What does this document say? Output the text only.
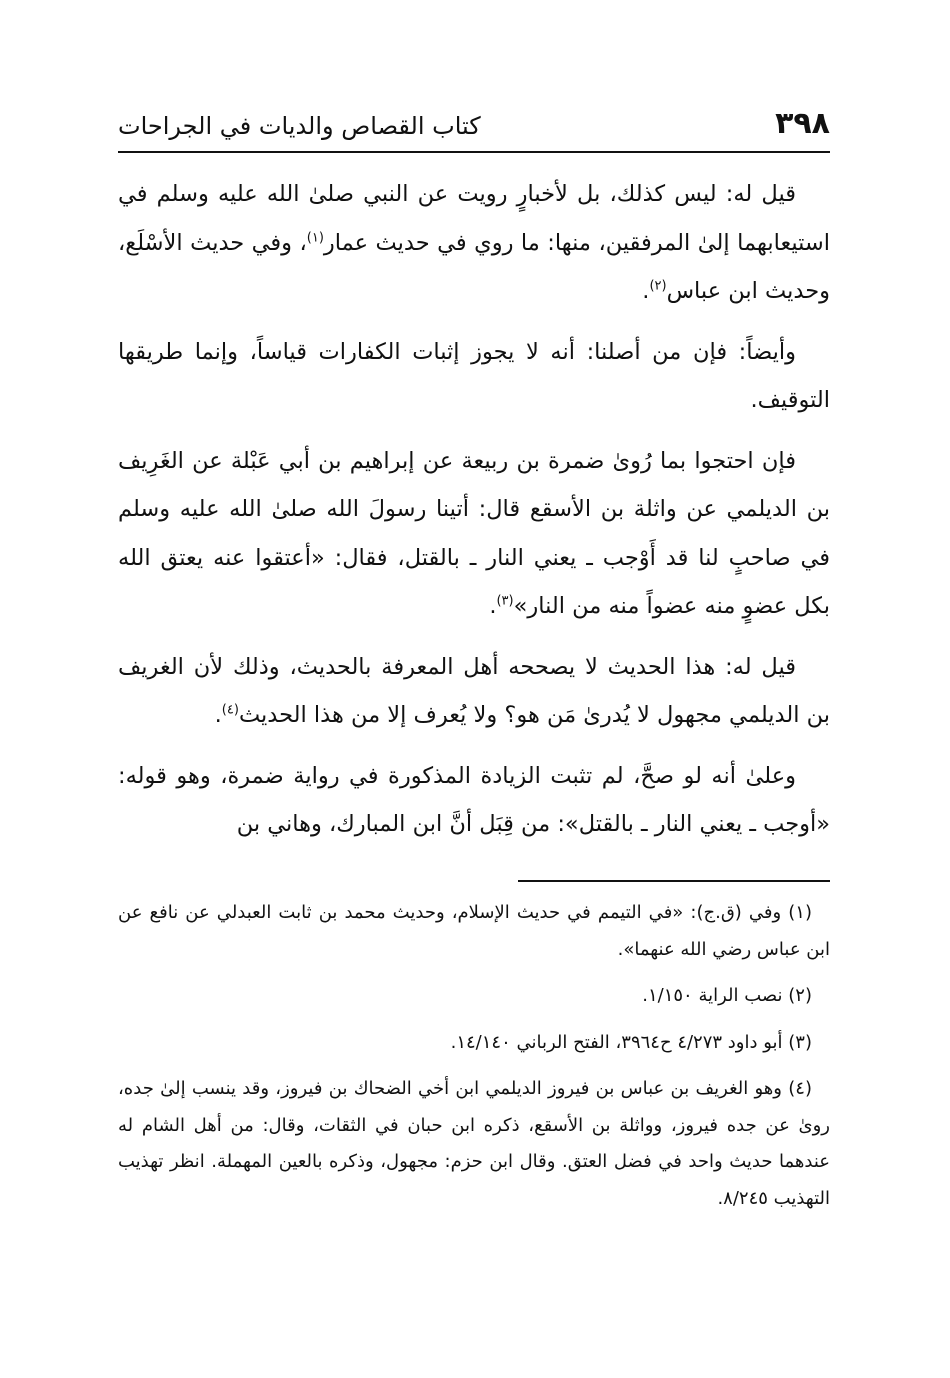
٣٩٨
كتاب القصاص والديات في الجراحات

قيل له: ليس كذلك، بل لأخبارٍ رويت عن النبي صلىٰ الله عليه وسلم في استيعابهما إلىٰ المرفقين، منها: ما روي في حديث عمار$^{(١)}$، وفي حديث الأسْلَع، وحديث ابن عباس$^{(٢)}$.

وأيضاً: فإن من أصلنا: أنه لا يجوز إثبات الكفارات قياساً، وإنما طريقها التوقيف.

فإن احتجوا بما رُوىٰ ضمرة بن ربيعة عن إبراهيم بن أبي عَبْلة عن الغَرِيف بن الديلمي عن واثلة بن الأسقع قال: أتينا رسولَ الله صلىٰ الله عليه وسلم في صاحبٍ لنا قد أَوْجب ـ يعني النار ـ بالقتل، فقال: «أعتقوا عنه يعتق الله بكل عضوٍ منه عضواً منه من النار»$^{(٣)}$.

قيل له: هذا الحديث لا يصححه أهل المعرفة بالحديث، وذلك لأن الغريف بن الديلمي مجهول لا يُدرىٰ مَن هو؟ ولا يُعرف إلا من هذا الحديث$^{(٤)}$.

وعلىٰ أنه لو صحَّ، لم تثبت الزيادة المذكورة في رواية ضمرة، وهو قوله: «أوجب ـ يعني النار ـ بالقتل»: من قِبَل أنَّ ابن المبارك، وهاني بن

(١) وفي (ق.ج): «في التيمم في حديث الإسلام، وحديث محمد بن ثابت العبدلي عن نافع عن ابن عباس رضي الله عنهما».

(٢) نصب الراية ١/١٥٠.

(٣) أبو داود ٤/٢٧٣ ح٣٩٦٤، الفتح الرباني ١٤/١٤٠.

(٤) وهو الغريف بن عباس بن فيروز الديلمي ابن أخي الضحاك بن فيروز، وقد ينسب إلىٰ جده، روىٰ عن جده فيروز، وواثلة بن الأسقع، ذكره ابن حبان في الثقات، وقال: من أهل الشام له عندهما حديث واحد في فضل العتق. وقال ابن حزم: مجهول، وذكره بالعين المهملة. انظر تهذيب التهذيب ٨/٢٤٥.
